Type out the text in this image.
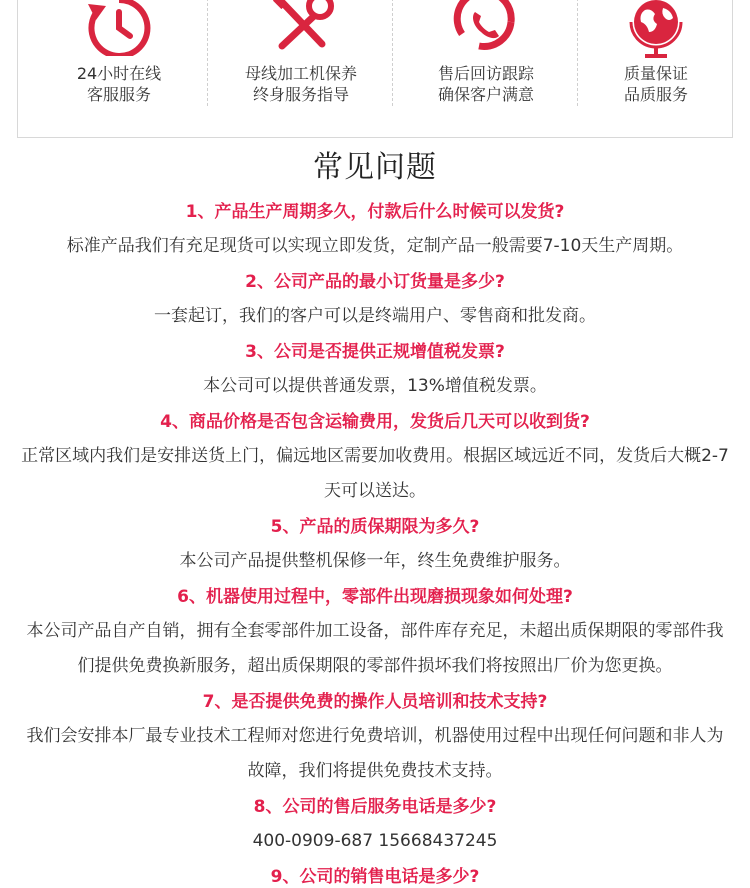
24小时在线
客服服务
母线加工机保养
终身服务指导
售后回访跟踪
确保客户满意
质量保证
品质服务
常见问题

1、产品生产周期多久，付款后什么时候可以发货?

标准产品我们有充足现货可以实现立即发货，定制产品一般需要7-10天生产周期。

2、公司产品的最小订货量是多少?

一套起订，我们的客户可以是终端用户、零售商和批发商。

3、公司是否提供正规增值税发票?

本公司可以提供普通发票，13%增值税发票。

4、商品价格是否包含运输费用，发货后几天可以收到货?

正常区域内我们是安排送货上门，偏远地区需要加收费用。根据区域远近不同，发货后大概2-7天可以送达。

5、产品的质保期限为多久?

本公司产品提供整机保修一年，终生免费维护服务。

6、机器使用过程中，零部件出现磨损现象如何处理?

本公司产品自产自销，拥有全套零部件加工设备，部件库存充足，未超出质保期限的零部件我们提供免费换新服务，超出质保期限的零部件损坏我们将按照出厂价为您更换。

7、是否提供免费的操作人员培训和技术支持?

我们会安排本厂最专业技术工程师对您进行免费培训，机器使用过程中出现任何问题和非人为故障，我们将提供免费技术支持。

8、公司的售后服务电话是多少?

400-0909-687 15668437245

9、公司的销售电话是多少?
